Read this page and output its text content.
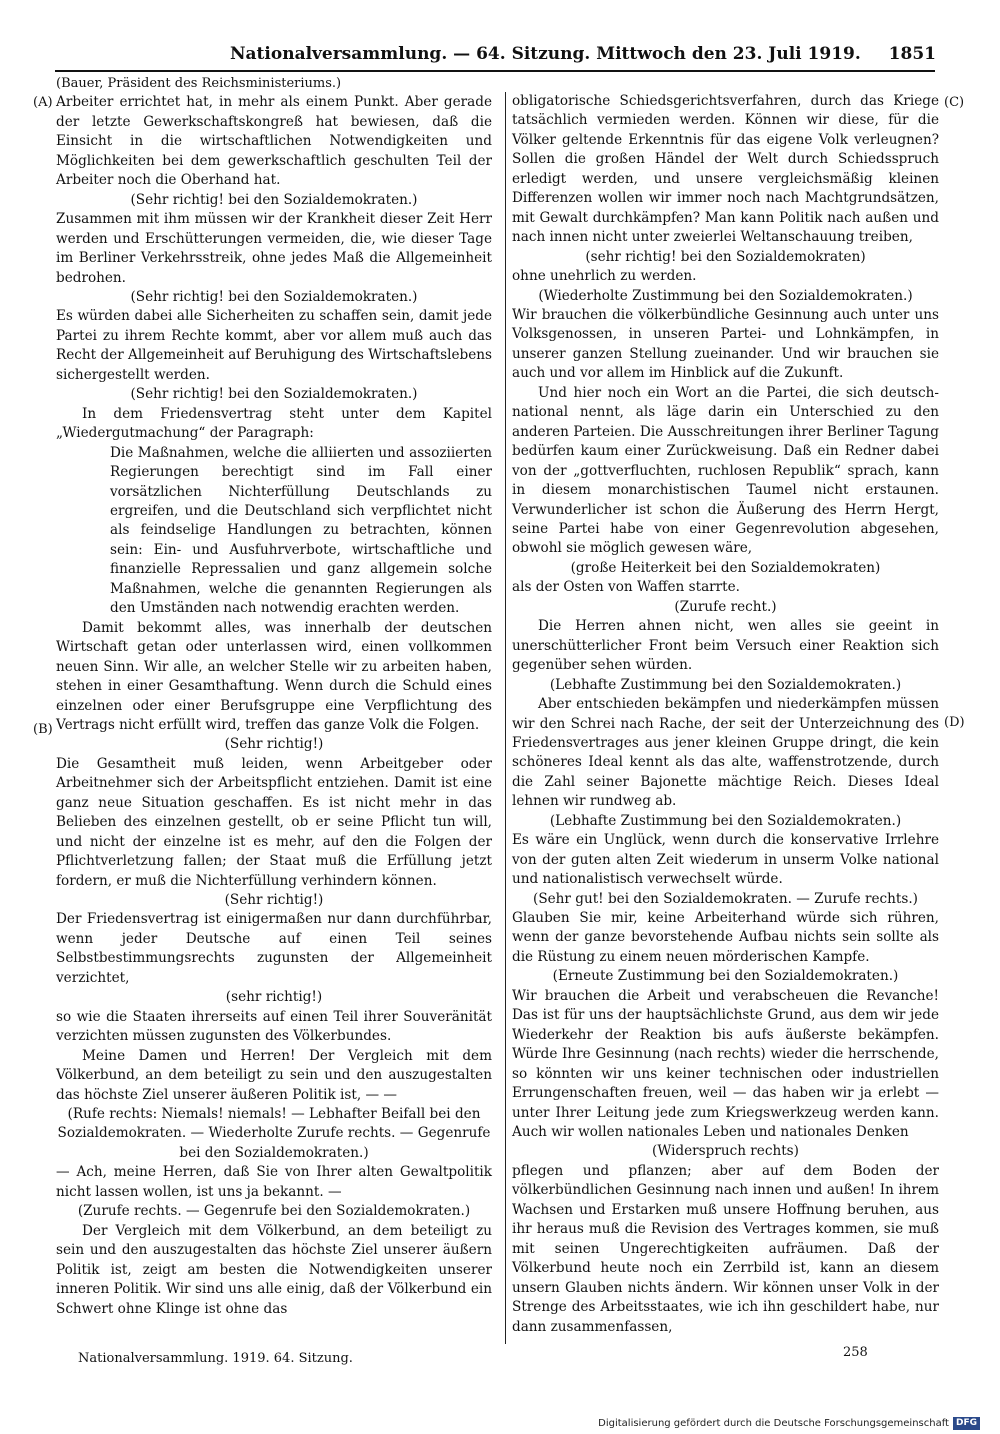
Nationalversammlung. — 64. Sitzung. Mittwoch den 23. Juli 1919. 1851
(A)
(B)
(C)
(D)

(Bauer, Präsident des Reichsministeriums.)

Arbeiter errichtet hat, in mehr als einem Punkt. Aber gerade der letzte Gewerkschaftskongreß hat bewiesen, daß die Einsicht in die wirtschaftlichen Notwendigkeiten und Möglichkeiten bei dem gewerkschaftlich geschulten Teil der Arbeiter noch die Oberhand hat.

(Sehr richtig! bei den Sozialdemokraten.)

Zusammen mit ihm müssen wir der Krankheit dieser Zeit Herr werden und Erschütterungen vermeiden, die, wie dieser Tage im Berliner Verkehrsstreik, ohne jedes Maß die Allgemeinheit bedrohen.

(Sehr richtig! bei den Sozialdemokraten.)

Es würden dabei alle Sicherheiten zu schaffen sein, damit jede Partei zu ihrem Rechte kommt, aber vor allem muß auch das Recht der Allgemeinheit auf Beruhigung des Wirtschaftslebens sichergestellt werden.

(Sehr richtig! bei den Sozialdemokraten.)

In dem Friedensvertrag steht unter dem Kapitel „Wiedergutmachung“ der Paragraph:

Die Maßnahmen, welche die alliierten und assoziierten Regierungen berechtigt sind im Fall einer vorsätzlichen Nichterfüllung Deutschlands zu ergreifen, und die Deutschland sich verpflichtet nicht als feindselige Handlungen zu betrachten, können sein: Ein- und Ausfuhrverbote, wirtschaftliche und finanzielle Repressalien und ganz allgemein solche Maßnahmen, welche die genannten Regierungen als den Umständen nach notwendig erachten werden.

Damit bekommt alles, was innerhalb der deutschen Wirtschaft getan oder unterlassen wird, einen vollkommen neuen Sinn. Wir alle, an welcher Stelle wir zu arbeiten haben, stehen in einer Gesamthaftung. Wenn durch die Schuld eines einzelnen oder einer Berufsgruppe eine Verpflichtung des Vertrags nicht erfüllt wird, treffen das ganze Volk die Folgen.

(Sehr richtig!)

Die Gesamtheit muß leiden, wenn Arbeitgeber oder Arbeitnehmer sich der Arbeitspflicht entziehen. Damit ist eine ganz neue Situation geschaffen. Es ist nicht mehr in das Belieben des einzelnen gestellt, ob er seine Pflicht tun will, und nicht der einzelne ist es mehr, auf den die Folgen der Pflichtverletzung fallen; der Staat muß die Erfüllung jetzt fordern, er muß die Nichterfüllung verhindern können.

(Sehr richtig!)

Der Friedensvertrag ist einigermaßen nur dann durchführbar, wenn jeder Deutsche auf einen Teil seines Selbstbestimmungsrechts zugunsten der Allgemeinheit verzichtet,

(sehr richtig!)

so wie die Staaten ihrerseits auf einen Teil ihrer Souveränität verzichten müssen zugunsten des Völkerbundes.

Meine Damen und Herren! Der Vergleich mit dem Völkerbund, an dem beteiligt zu sein und den auszugestalten das höchste Ziel unserer äußeren Politik ist, — —

(Rufe rechts: Niemals! niemals! — Lebhafter Beifall bei den Sozialdemokraten. — Wiederholte Zurufe rechts. — Gegenrufe bei den Sozialdemokraten.)

— Ach, meine Herren, daß Sie von Ihrer alten Gewaltpolitik nicht lassen wollen, ist uns ja bekannt. —

(Zurufe rechts. — Gegenrufe bei den Sozialdemokraten.)

Der Vergleich mit dem Völkerbund, an dem beteiligt zu sein und den auszugestalten das höchste Ziel unserer äußern Politik ist, zeigt am besten die Notwendigkeiten unserer inneren Politik. Wir sind uns alle einig, daß der Völkerbund ein Schwert ohne Klinge ist ohne das

obligatorische Schiedsgerichtsverfahren, durch das Kriege tatsächlich vermieden werden. Können wir diese, für die Völker geltende Erkenntnis für das eigene Volk verleugnen? Sollen die großen Händel der Welt durch Schiedsspruch erledigt werden, und unsere vergleichsmäßig kleinen Differenzen wollen wir immer noch nach Machtgrundsätzen, mit Gewalt durchkämpfen? Man kann Politik nach außen und nach innen nicht unter zweierlei Weltanschauung treiben,

(sehr richtig! bei den Sozialdemokraten)

ohne unehrlich zu werden.

(Wiederholte Zustimmung bei den Sozialdemokraten.)

Wir brauchen die völkerbündliche Gesinnung auch unter uns Volksgenossen, in unseren Partei- und Lohnkämpfen, in unserer ganzen Stellung zueinander. Und wir brauchen sie auch und vor allem im Hinblick auf die Zukunft.

Und hier noch ein Wort an die Partei, die sich deutsch-national nennt, als läge darin ein Unterschied zu den anderen Parteien. Die Ausschreitungen ihrer Berliner Tagung bedürfen kaum einer Zurückweisung. Daß ein Redner dabei von der „gottverfluchten, ruchlosen Republik“ sprach, kann in diesem monarchistischen Taumel nicht erstaunen. Verwunderlicher ist schon die Äußerung des Herrn Hergt, seine Partei habe von einer Gegenrevolution abgesehen, obwohl sie möglich gewesen wäre,

(große Heiterkeit bei den Sozialdemokraten)

als der Osten von Waffen starrte.

(Zurufe recht.)

Die Herren ahnen nicht, wen alles sie geeint in unerschütterlicher Front beim Versuch einer Reaktion sich gegenüber sehen würden.

(Lebhafte Zustimmung bei den Sozialdemokraten.)

Aber entschieden bekämpfen und niederkämpfen müssen wir den Schrei nach Rache, der seit der Unterzeichnung des Friedensvertrages aus jener kleinen Gruppe dringt, die kein schöneres Ideal kennt als das alte, waffenstrotzende, durch die Zahl seiner Bajonette mächtige Reich. Dieses Ideal lehnen wir rundweg ab.

(Lebhafte Zustimmung bei den Sozialdemokraten.)

Es wäre ein Unglück, wenn durch die konservative Irrlehre von der guten alten Zeit wiederum in unserm Volke national und nationalistisch verwechselt würde.

(Sehr gut! bei den Sozialdemokraten. — Zurufe rechts.)

Glauben Sie mir, keine Arbeiterhand würde sich rühren, wenn der ganze bevorstehende Aufbau nichts sein sollte als die Rüstung zu einem neuen mörderischen Kampfe.

(Erneute Zustimmung bei den Sozialdemokraten.)

Wir brauchen die Arbeit und verabscheuen die Revanche! Das ist für uns der hauptsächlichste Grund, aus dem wir jede Wiederkehr der Reaktion bis aufs äußerste bekämpfen. Würde Ihre Gesinnung (nach rechts) wieder die herrschende, so könnten wir uns keiner technischen oder industriellen Errungenschaften freuen, weil — das haben wir ja erlebt — unter Ihrer Leitung jede zum Kriegswerkzeug werden kann. Auch wir wollen nationales Leben und nationales Denken

(Widerspruch rechts)

pflegen und pflanzen; aber auf dem Boden der völkerbündlichen Gesinnung nach innen und außen! In ihrem Wachsen und Erstarken muß unsere Hoffnung beruhen, aus ihr heraus muß die Revision des Vertrages kommen, sie muß mit seinen Ungerechtigkeiten aufräumen. Daß der Völkerbund heute noch ein Zerrbild ist, kann an diesem unsern Glauben nichts ändern. Wir können unser Volk in der Strenge des Arbeitsstaates, wie ich ihn geschildert habe, nur dann zusammenfassen,

Nationalversammlung. 1919. 64. Sitzung.	258
Digitalisierung gefördert durch die Deutsche Forschungsgemeinschaft DFG
